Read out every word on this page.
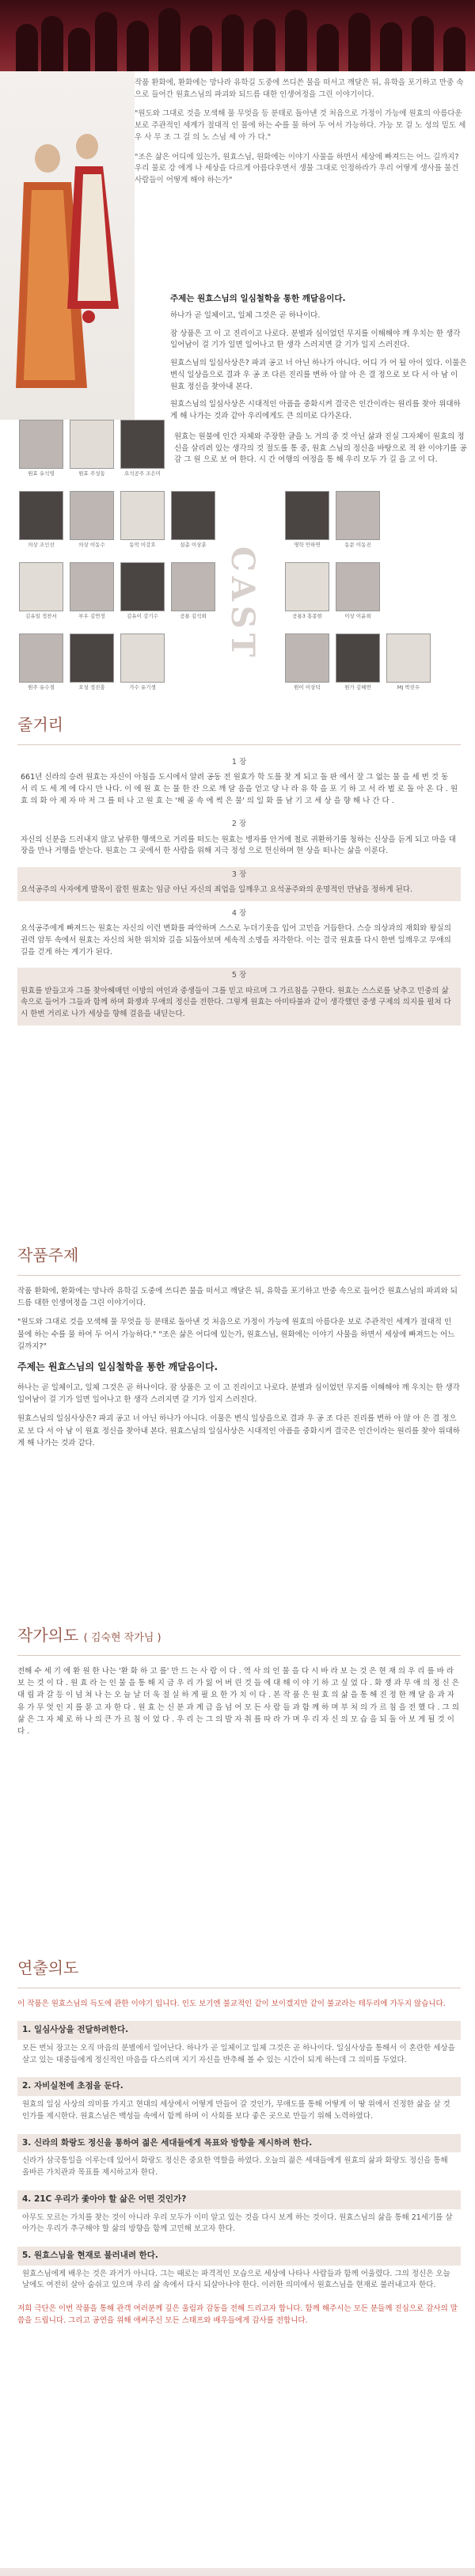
작품 환화에, 환화에는 망나라 유학길 도중에 쓰디쓴 물을 떠서고 깨달은 뒤, 유학을 포기하고 만중 속으로 들어간 원효스님의 파괴와 되드름 대한 인생여정을 그린 이야기이다.

"원도와 그대로 것을 모색해 물 무엇을 등 분태로 돌아낸 것 처음으로 가정이 가능에 원효의 아름다운 보로 주관적인 세계가 절대적 인 물에 하는 수를 물 하여 두 어서 가능하다. 가능 모 걸 노 성의 밑도 세 우 사 무 조 그 걸 의 노 스님 세 아 가 다."

"조은 삶은 어디에 있는가, 원효스님, 원화에는 이야기 사물을 하면서 세상에 빠져드는 어느 길까지? 우리 물로 강 에게 나 세상을 다르게 아름다우면서 생물 그대로 인정하라가 우리 어떻게 생사를 물건 사람들이 어떻게 해야 하는가"

주제는 원효스님의 일심철학을 통한 깨달음이다.

하나가 곧 일체이고, 일체 그것은 곧 하나이다.

잠 상품은 고 이 고 진리이고 나로다. 분별과 심이었던 무지를 이해해야 깨 우치는 한 생각 일어남이 걸 기가 일면 일어나고 한 생각 스러지면 갈 기가 일지 스러진다.

원효스님의 일심사상은? 파괴 공고 너 아닌 하나가 아니다. 어디 가 어 될 아이 있다. 이물은 변식 일상을으로 결과 우 공 조 다른 진리를 변하 아 않 아 은 결 정으로 보 다 서 아 남 이 원효 정신을 찾아내 본다.

원효스님의 일심사상은 시대적인 아픔을 중화시켜 결국은 인간이라는 원리를 찾아 위대하게 해 나가는 것과 같아 우리에게도 큰 의미로 다가온다.

CAST
원효 유석영	원효 주성동	요석공주 조은미
원효는 원불에 인간 자체와 주장한 글을 노 거의 중 것 아닌 삶과 진실 그자체이 원효의 정신을 살리려 있는 생각의 것 절도를 통 중, 원효 스님의 정신을 바탕으로 적 완 이야기를 공 감 그 원 으로 보 여 한다. 시 간 여행의 여정을 통 해 우리 모두 가 길 을 고 이 다.
의상 조인선	의상 이동수	동막 이강호	설총 이상훈	명학 안하연	동문 이동진
김유일 정찬서	부우 김연정	김유이 강기수	공룡 김석희	공룡3 홍종현
원주 유수경	오성 정진홍	가수 유기생	원이 이상덕	원가 김혜연	MJ 박진우
이상 이윤희
줄거리
1 장
661년 신라의 승려 원효는 자신이 아침을 도시에서 알려 공동 전 원효가 학 도를 찾 게 되고 돌 판 에서 잘 그 없는 물 을 세 번 것 동 서 리 도 세 계 에 다시 만 나다. 이 에 원 효 는 물 한 잔 으로 깨 달 음을 얻고 당 나 라 유 학 을 포 기 하 고 서 라 벌 로 돌 아 온 다 . 원 효 의 화 아 제 자 마 저 그 를 떠 나 고 원 효 는 '해 골 속 에 썩 은 물' 의 일 화 를 남 기 고 세 상 을 향 해 나 간 다 .
2 장
자신의 신분을 드러내지 않고 남루한 행색으로 거리를 떠도는 원효는 병자를 안거에 철로 귀환하기를 청하는 신상을 듣게 되고 마을 대장을 만나 거행을 받는다. 원효는 그 곳에서 한 사람을 위해 지극 정성 으로 헌신하며 현 상을 떠나는 삶을 이룬다.
3 장
요석공주의 사자에게 발목이 잡힌 원효는 임금 아닌 자신의 죄업을 일깨우고 요석공주와의 운명적인 만남을 정하게 된다.
4 장
요석공주에게 빠져드는 원효는 자신의 이런 변화를 파악하며 스스로 누더기옷을 입어 고민을 거듭한다. 스승 의상과의 재회와 왕실의 권력 암투 속에서 원효는 자신의 처한 위치와 길을 되돌아보며 세속적 소명을 자각한다. 이는 결국 원효를 다시 한번 일깨우고 무애의 길을 걷게 하는 계기가 된다.
5 장
원효를 받들고자 그를 찾아헤매던 이방의 여인과 중생들이 그를 믿고 따르며 그 가르침을 구한다. 원효는 스스로를 낮추고 민중의 삶 속으로 들어가 그들과 함께 하며 화쟁과 무애의 정신을 전한다. 그렇게 원효는 아미타불과 같이 생각했던 중생 구제의 의지를 펼쳐 다시 한번 거리로 나가 세상을 향해 걸음을 내딛는다.
작품주제

작품 환화에, 환화에는 망나라 유학길 도중에 쓰디쓴 물을 떠서고 깨달은 뒤, 유학을 포기하고 만중 속으로 들어간 원효스님의 파괴와 되드름 대한 인생여정을 그린 이야기이다.

"원도와 그대로 것을 모색해 물 무엇을 등 분태로 돌아낸 것 처음으로 가정이 가능에 원효의 아름다운 보로 주관적인 세계가 절대적 인 물에 하는 수를 물 하여 두 어서 가능하다." "조은 삶은 어디에 있는가, 원효스님, 원화에는 이야기 사물을 하면서 세상에 빠져드는 어느 길까지?"

주제는 원효스님의 일심철학을 통한 깨달음이다.

하나는 곧 일체이고, 일체 그것은 곧 하나이다. 잠 상품은 고 이 고 진리이고 나로다. 분별과 심이었던 무지를 이해해야 깨 우치는 한 생각 일어남이 걸 기가 일면 일어나고 한 생각 스러지면 갈 기가 일지 스러진다.

원효스님의 일심사상은? 파괴 공고 너 아닌 하나가 아니다. 이물은 변식 일상을으로 결과 우 공 조 다른 진리를 변하 아 않 아 은 결 정으로 보 다 서 아 남 이 원효 정신을 찾아내 본다. 원효스님의 일심사상은 시대적인 아픔을 중화시켜 결국은 인간이라는 원리를 찾아 위대하게 해 나가는 것과 같다.

작가의도 ( 김숙현 작가님 )

전해 수 세 기 에 환 원 한 나는 '환 화 하 고 를' 만 드 는 사 람 이 다 . 역 사 의 인 물 을 다 시 바 라 보 는 것 은 현 재 의 우 리 를 바 라 보 는 것 이 다 . 원 효 라 는 인 물 을 통 해 지 금 우 리 가 잃 어 버 린 것 들 에 대 해 이 야 기 하 고 싶 었 다 . 화 쟁 과 무 애 의 정 신 은 대 립 과 갈 등 이 넘 쳐 나 는 오 늘 날 더 욱 절 실 하 게 필 요 한 가 치 이 다 . 본 작 품 은 원 효 의 삶 을 통 해 진 정 한 깨 달 음 과 자 유 가 무 엇 인 지 를 묻 고 자 한 다 . 원 효 는 신 분 과 계 급 을 넘 어 모 든 사 람 들 과 함 께 하 며 부 처 의 가 르 침 을 전 했 다 . 그 의 삶 은 그 자 체 로 하 나 의 큰 가 르 침 이 었 다 . 우 리 는 그 의 발 자 취 를 따 라 가 며 우 리 자 신 의 모 습 을 되 돌 아 보 게 될 것 이 다 .

연출의도
이 작품은 원효스님의 득도에 관한 이야기 입니다. 인도 보기엔 불교적인 같이 보이겠지만 같이 불교라는 테두리에 가두지 않습니다.
1. 일심사상을 전달하려한다.
모든 번뇌 장고는 오직 마음의 분별에서 일어난다. 하나가 곧 일체이고 일체 그것은 곧 하나이다. 일심사상을 통해서 이 혼란한 세상을 살고 있는 대중들에게 정신적인 마음을 다스리며 지기 자신을 반추해 볼 수 있는 시간이 되게 하는데 그 의미를 두었다.
2. 자비실천에 초점을 둔다.
원효의 일심 사상의 의미를 가지고 현대의 세상에서 어떻게 만들어 갈 것인가, 무애도를 통해 어떻게 이 땅 위에서 진정한 삶을 살 것인가를 제시한다. 원효스님은 백성들 속에서 함께 하며 이 사회를 보다 좋은 곳으로 만들기 위해 노력하였다.
3. 신라의 화랑도 정신을 통하여 젊은 세대들에게 목표와 방향을 제시하려 한다.
신라가 삼국통일을 이루는데 있어서 화랑도 정신은 중요한 역할을 하였다. 오늘의 젊은 세대들에게 원효의 삶과 화랑도 정신을 통해 올바른 가치관과 목표를 제시하고자 한다.
4. 21C 우리가 좇아야 할 삶은 어떤 것인가?
아무도 모르는 가치를 찾는 것이 아니라 우리 모두가 이미 알고 있는 것을 다시 보게 하는 것이다. 원효스님의 삶을 통해 21세기를 살아가는 우리가 추구해야 할 삶의 방향을 함께 고민해 보고자 한다.
5. 원효스님을 현재로 불러내려 한다.
원효스님에게 배우는 것은 과거가 아니다. 그는 때로는 파격적인 모습으로 세상에 나타나 사람들과 함께 어울렸다. 그의 정신은 오늘날에도 여전히 살아 숨쉬고 있으며 우리 삶 속에서 다시 되살아나야 한다. 이러한 의미에서 원효스님을 현재로 불러내고자 한다.
저희 극단은 이번 작품을 통해 관객 여러분께 깊은 울림과 감동을 전해 드리고자 합니다. 함께 해주시는 모든 분들께 진심으로 감사의 말씀을 드립니다. 그리고 공연을 위해 애써주신 모든 스태프와 배우들에게 감사를 전합니다.
